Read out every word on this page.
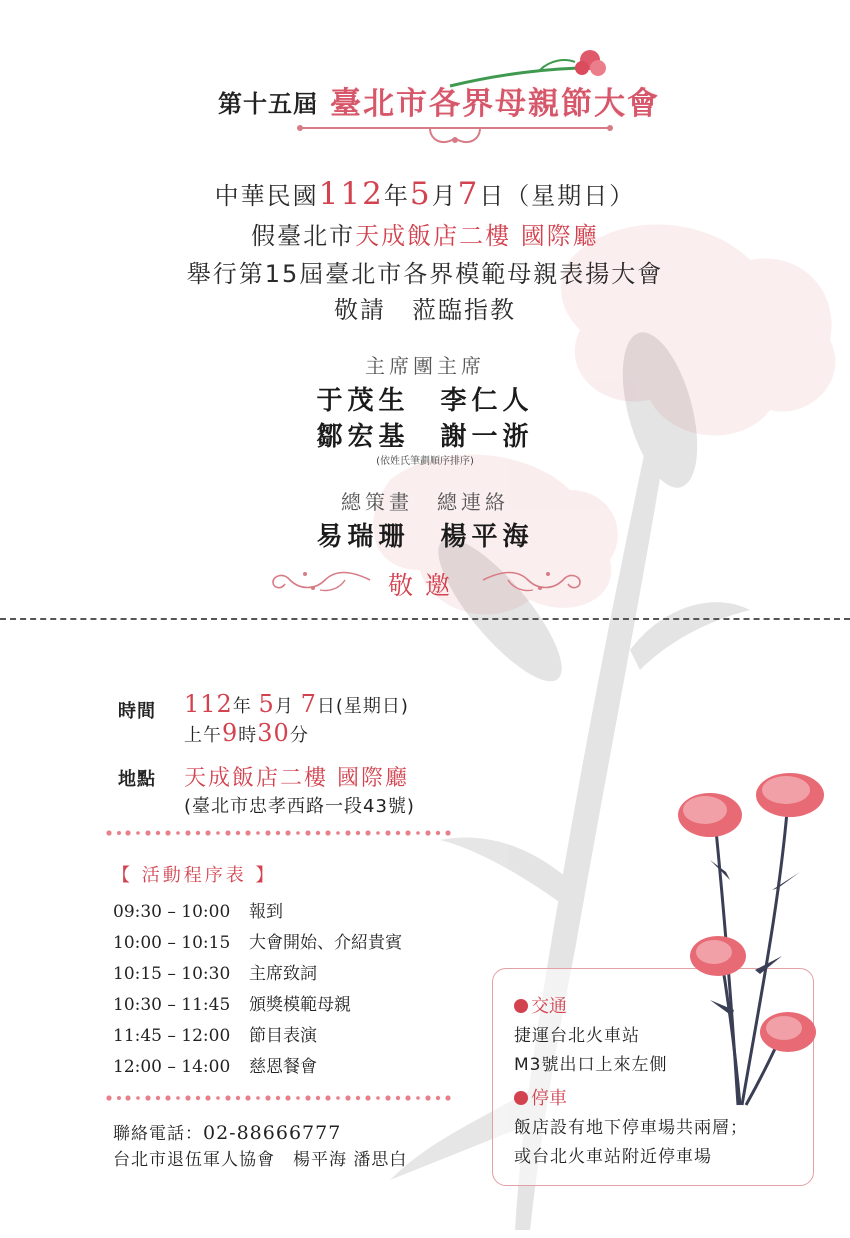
第十五屆 臺北市各界母親節大會
中華民國112年5月7日（星期日）
假臺北市天成飯店二樓 國際廳
舉行第15屆臺北市各界模範母親表揚大會
敬請　蒞臨指教
主席團主席
于茂生　李仁人
鄒宏基　謝一浙
(依姓氏筆劃順序排序)
總策畫　總連絡
易瑞珊　楊平海
敬邀
時間 112年 5月 7日(星期日)
上午9時30分
地點 天成飯店二樓 國際廳
(臺北市忠孝西路一段43號)
【 活動程序表 】
09:30 – 10:00 報到
10:00 – 10:15 大會開始、介紹貴賓
10:15 – 10:30 主席致詞
10:30 – 11:45 頒獎模範母親
11:45 – 12:00 節目表演
12:00 – 14:00 慈恩餐會
聯絡電話：02-88666777
台北市退伍軍人協會　楊平海 潘思白
交通
捷運台北火車站
M3號出口上來左側
停車
飯店設有地下停車場共兩層；
或台北火車站附近停車場
